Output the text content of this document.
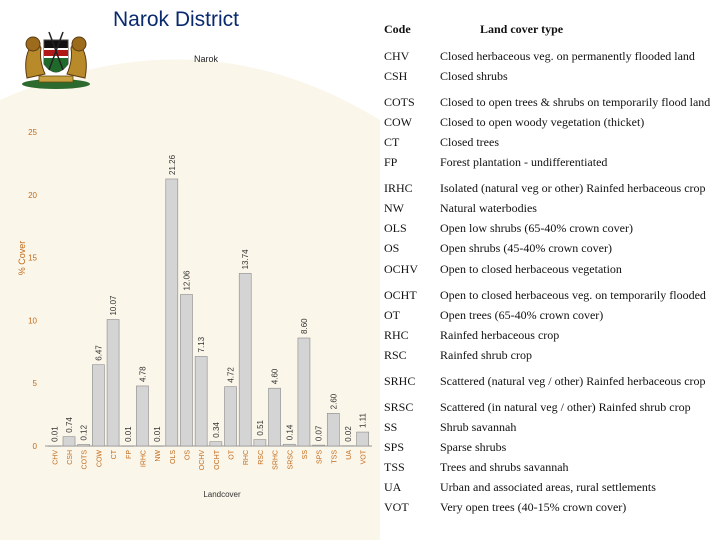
Narok District
Narok
% Cover
Landcover
0
5
10
15
20
25
0.01
0.74 0.12
6.47
10.07
0.01
4.78
0.01
21.26
12.06
7.13
0.34
4.72
13.74
0.51
4.60
0.14
8.60
0.07
2.60
0.02
1.11
CHV CSH COTS COW CT FP IRHC NW OLS OS OCHV OCHT OT RHC RSC SRHC SRSC SS SPS TSS UA VOT
Code	Land cover type
CHV	Closed herbaceous veg. on permanently flooded land
CSH	Closed shrubs
COTS Closed to open trees & shrubs on temporarily flood land
COW Closed to open woody vegetation (thicket)
CT	Closed trees
FP	Forest plantation - undifferentiated
IRHC Isolated (natural veg or other) Rainfed herbaceous crop
NW	Natural waterbodies
OLS	Open low shrubs (65-40% crown cover)
OS	Open shrubs (45-40% crown cover)
OCHV Open to closed herbaceous vegetation
OCHT Open to closed herbaceous veg. on temporarily flooded
OT	Open trees (65-40% crown cover)
RHC	Rainfed herbaceous crop
RSC	Rainfed shrub crop
SRHC Scattered (natural veg / other) Rainfed herbaceous crop
SRSC Scattered (in natural veg / other) Rainfed shrub crop
SS	Shrub savannah
SPS	Sparse shrubs
TSS	Trees and shrubs savannah
UA	Urban and associated areas, rural settlements
VOT	Very open trees (40-15% crown cover)
